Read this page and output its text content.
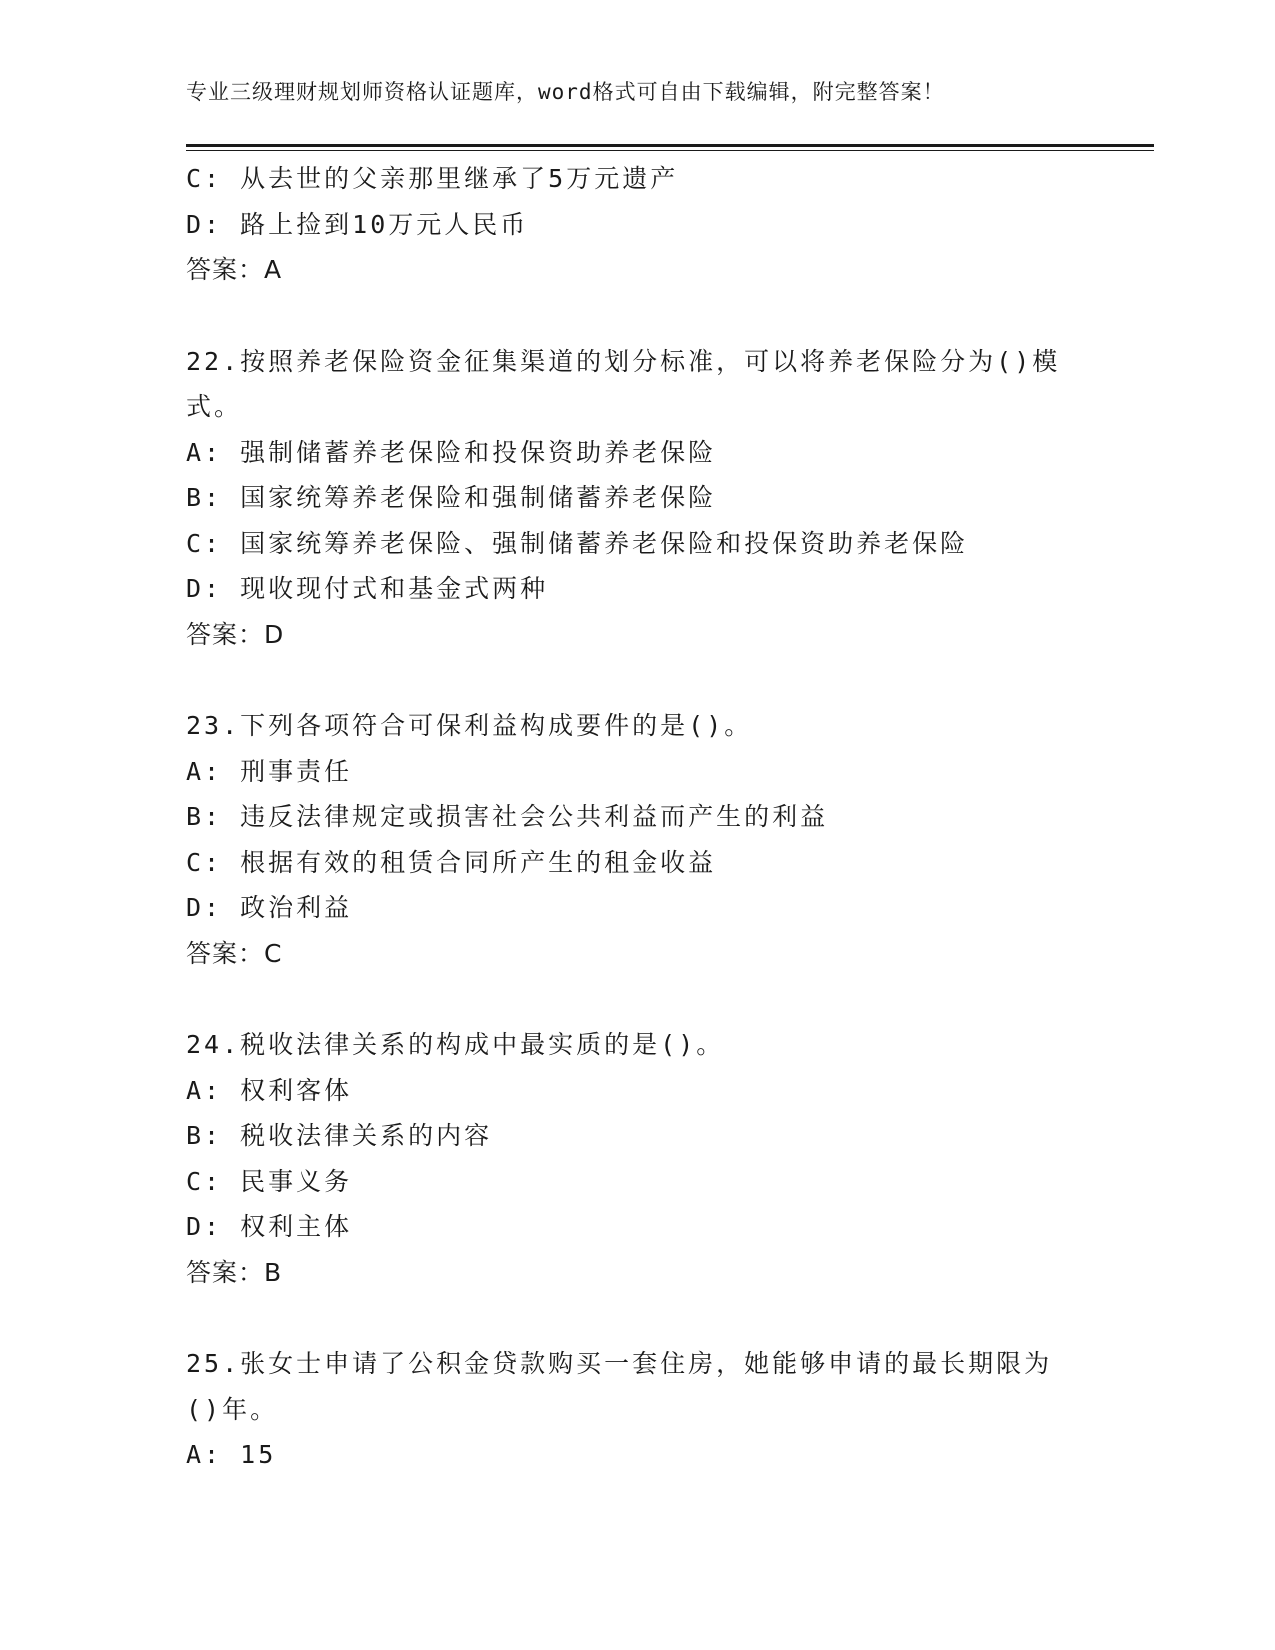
专业三级理财规划师资格认证题库，word格式可自由下载编辑，附完整答案！
C: 从去世的父亲那里继承了5万元遗产
D: 路上捡到10万元人民币
答案：A
22.按照养老保险资金征集渠道的划分标准，可以将养老保险分为()模
式。
A: 强制储蓄养老保险和投保资助养老保险
B: 国家统筹养老保险和强制储蓄养老保险
C: 国家统筹养老保险、强制储蓄养老保险和投保资助养老保险
D: 现收现付式和基金式两种
答案：D
23.下列各项符合可保利益构成要件的是()。
A: 刑事责任
B: 违反法律规定或损害社会公共利益而产生的利益
C: 根据有效的租赁合同所产生的租金收益
D: 政治利益
答案：C
24.税收法律关系的构成中最实质的是()。
A: 权利客体
B: 税收法律关系的内容
C: 民事义务
D: 权利主体
答案：B
25.张女士申请了公积金贷款购买一套住房，她能够申请的最长期限为
()年。
A: 15
